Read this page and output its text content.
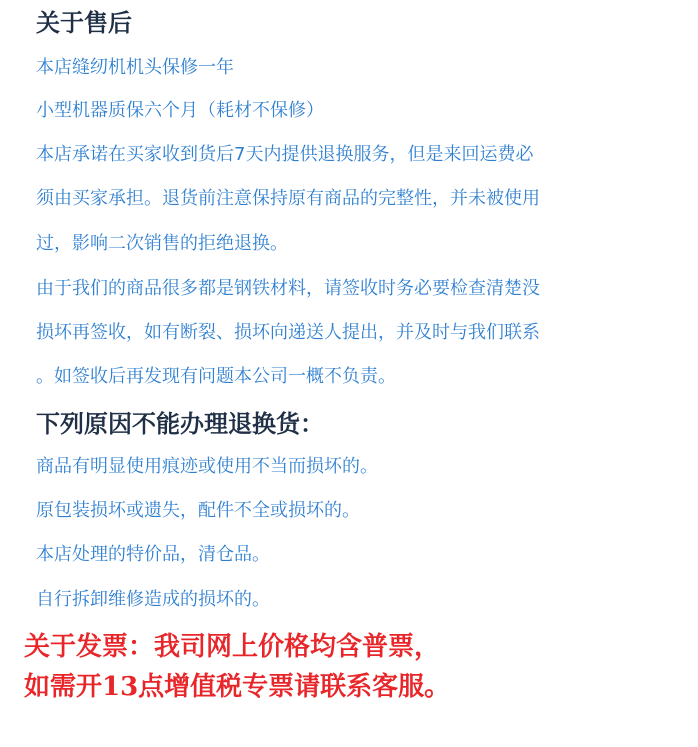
关于售后

本店缝纫机机头保修一年

小型机器质保六个月（耗材不保修）

本店承诺在买家收到货后7天内提供退换服务，但是来回运费必

须由买家承担。退货前注意保持原有商品的完整性，并未被使用

过，影响二次销售的拒绝退换。

由于我们的商品很多都是钢铁材料，请签收时务必要检查清楚没

损坏再签收，如有断裂、损坏向递送人提出，并及时与我们联系

。如签收后再发现有问题本公司一概不负责。

下列原因不能办理退换货：

商品有明显使用痕迹或使用不当而损坏的。

原包装损坏或遗失，配件不全或损坏的。

本店处理的特价品，清仓品。

自行拆卸维修造成的损坏的。

关于发票：我司网上价格均含普票，

如需开13点增值税专票请联系客服。
